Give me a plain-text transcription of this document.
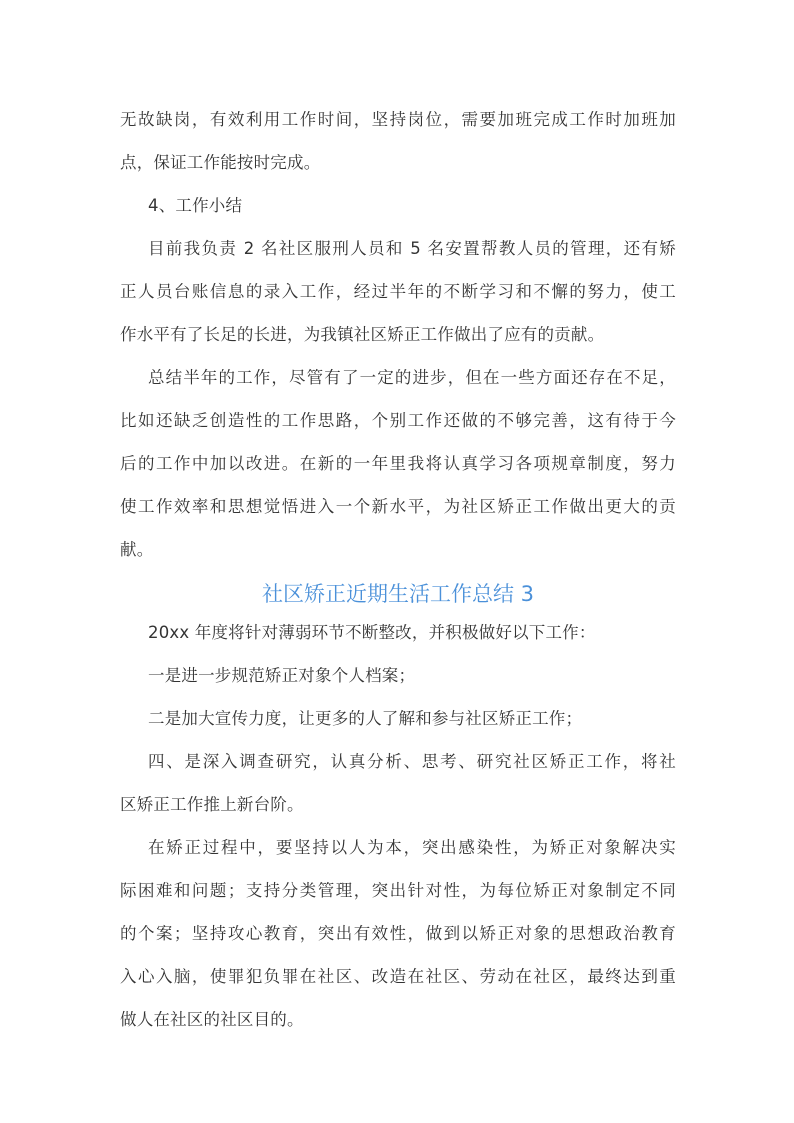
无故缺岗，有效利用工作时间，坚持岗位，需要加班完成工作时加班加
点，保证工作能按时完成。
4、工作小结
目前我负责 2 名社区服刑人员和 5 名安置帮教人员的管理，还有矫
正人员台账信息的录入工作，经过半年的不断学习和不懈的努力，使工
作水平有了长足的长进，为我镇社区矫正工作做出了应有的贡献。
总结半年的工作，尽管有了一定的进步，但在一些方面还存在不足，
比如还缺乏创造性的工作思路，个别工作还做的不够完善，这有待于今
后的工作中加以改进。在新的一年里我将认真学习各项规章制度，努力
使工作效率和思想觉悟进入一个新水平，为社区矫正工作做出更大的贡
献。
社区矫正近期生活工作总结 3
20xx 年度将针对薄弱环节不断整改，并积极做好以下工作：
一是进一步规范矫正对象个人档案；
二是加大宣传力度，让更多的人了解和参与社区矫正工作；
四、是深入调查研究，认真分析、思考、研究社区矫正工作，将社
区矫正工作推上新台阶。
在矫正过程中，要坚持以人为本，突出感染性，为矫正对象解决实
际困难和问题；支持分类管理，突出针对性，为每位矫正对象制定不同
的个案；坚持攻心教育，突出有效性，做到以矫正对象的思想政治教育
入心入脑，使罪犯负罪在社区、改造在社区、劳动在社区，最终达到重
做人在社区的社区目的。
